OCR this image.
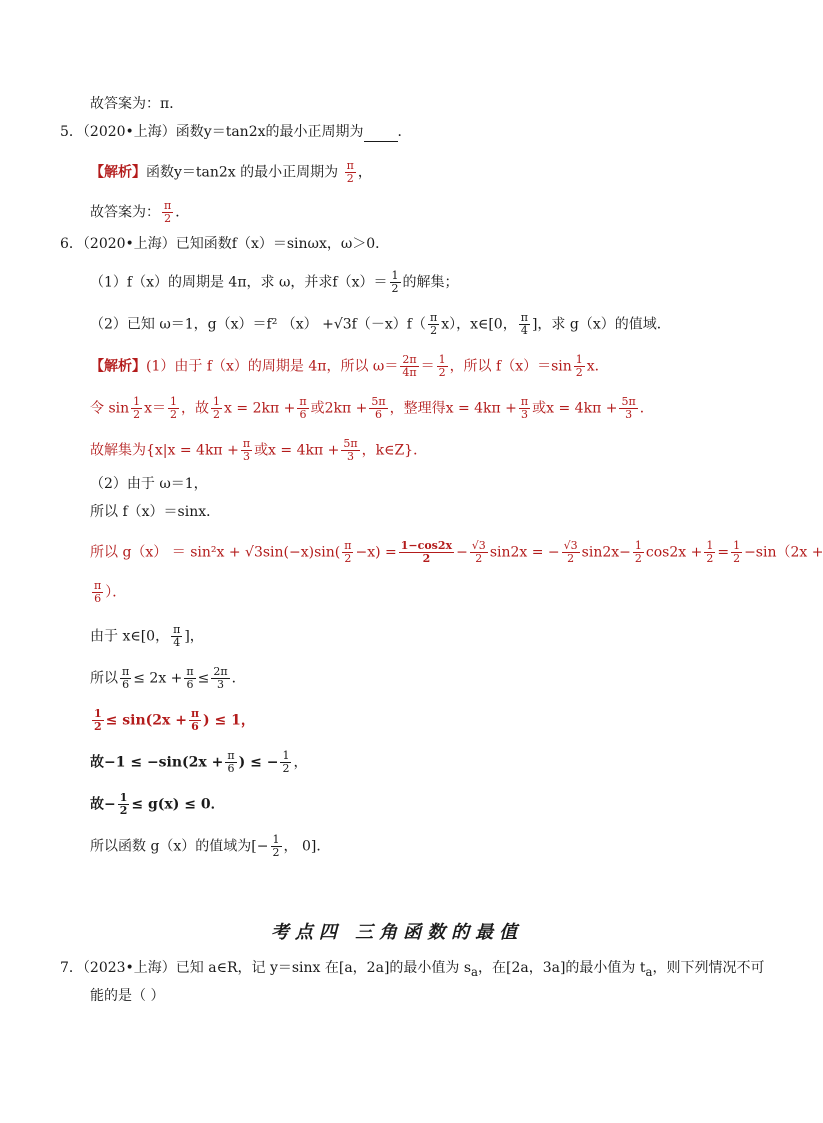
故答案为：π．
5．（2020•上海）函数y＝tan2x的最小正周期为 ．
【解析】函数y＝tan2x 的最小正周期为 $\frac{\pi}{2}$ ，
故答案为： $\frac{\pi}{2}$ ．
6．（2020•上海）已知函数f（x）＝sinωx，ω＞0．
（1）f（x）的周期是 4π，求 ω，并求$f(x)= \frac{1}{2}$ 的解集；
（2）已知 ω＝1，g（x）＝f² $(x) +√3f(-x)f( \frac{\pi}{2} x)$，x∈[0， $\frac{\pi}{4}$ ]，求 g（x）的值域．
【解析】(1）由于 f（x）的周期是 4π，所以 $\omega= \frac{2\pi}{4\pi} = \frac{1}{2}$ ，所以 $f(x)=\sin \frac{1}{2}$ x．
令 $\sin \frac{1}{2} x= \frac{1}{2}$ ，故 $\frac{1}{2}$ $x = 2k\pi + \frac{\pi}{6}$ 或$2k\pi + \frac{5\pi}{6}$ ，整理得$x = 4k\pi + \frac{\pi}{3}$ 或$x = 4k\pi + \frac{5\pi}{3}$ ．
故解集为{$x|x = 4k\pi + \frac{\pi}{3}$ 或$x = 4k\pi + \frac{5\pi}{3}$ ，k∈Z}．
（2）由于 ω＝1，
所以 f（x）＝sinx．
所以 $g(x) = \sin^2x + √3\sin(-x)\sin( \frac{\pi}{2} -x) = \frac{1-\cos 2x}{2} - \frac{√3}{2} \sin 2x$ = − $\frac{√3}{2} \sin 2x- \frac{1}{2} \cos 2x + \frac{1}{2} = \frac{1}{2} -\sin(2x$ +
$\frac{\pi}{6}$ ）．
由于 x∈[0， $\frac{\pi}{4}$ ]，
所以 $\frac{\pi}{6} \le 2x + \frac{\pi}{6} \le \frac{2\pi}{3}$ ．
$\frac{1}{2} \le \sin(2x + \frac{\pi}{6}$ ) ≤ 1，
故$-1 \le -\sin(2x + \frac{\pi}{6}$ ) ≤ − $\frac{1}{2}$ ，
故− $\frac{1}{2} \le g(x) \le 0$．
所以函数 g（x）的值域为[− $\frac{1}{2}$ ， 0]．
考点四 三角函数的最值
7．（2023•上海）已知 a∈R，记 y＝sinx 在[a，2a]的最小值为 $s_a$，在[2a，3a]的最小值为 $t_a$，则下列情况不可
能的是（ ）
